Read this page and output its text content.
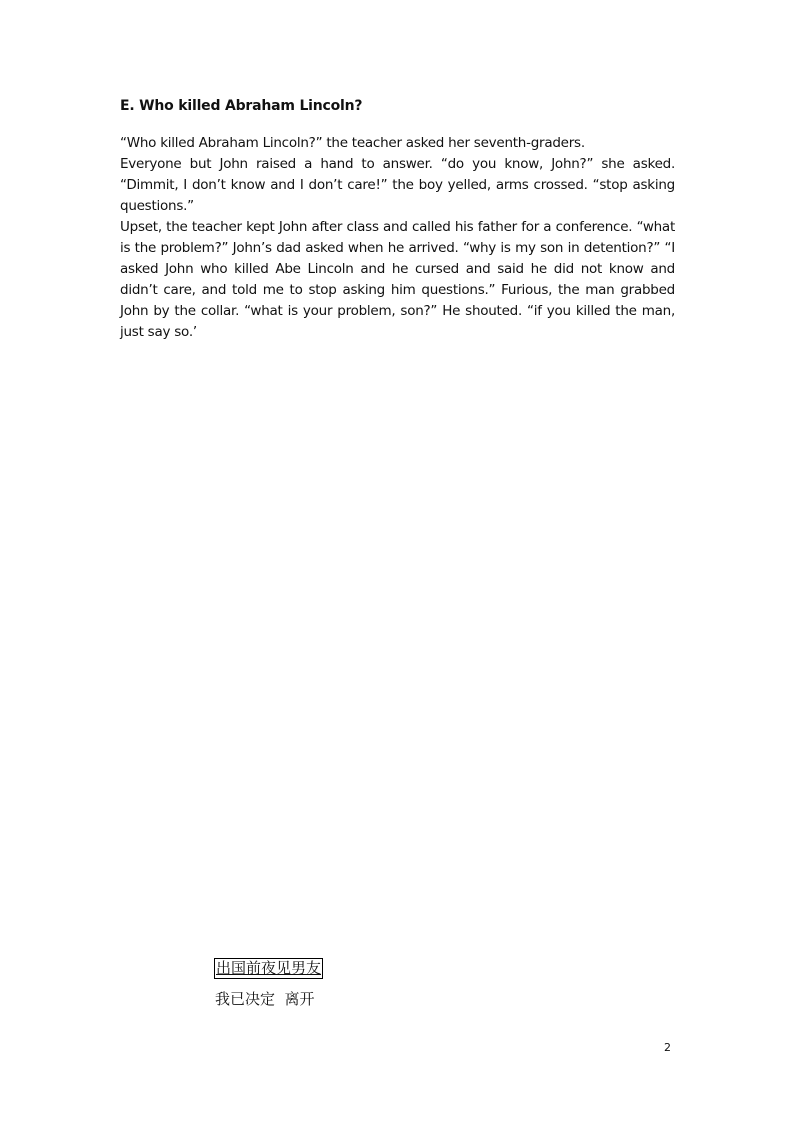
E. Who killed Abraham Lincoln?

“Who killed Abraham Lincoln?” the teacher asked her seventh-graders.

Everyone but John raised a hand to answer. “do you know, John?” she asked. “Dimmit, I don’t know and I don’t care!” the boy yelled, arms crossed. “stop asking questions.”

Upset, the teacher kept John after class and called his father for a conference. “what is the problem?” John’s dad asked when he arrived. “why is my son in detention?” “I asked John who killed Abe Lincoln and he cursed and said he did not know and didn’t care, and told me to stop asking him questions.” Furious, the man grabbed John by the collar. “what is your problem, son?” He shouted. “if you killed the man, just say so.’

出国前夜见男友
我已决定  离开
2
